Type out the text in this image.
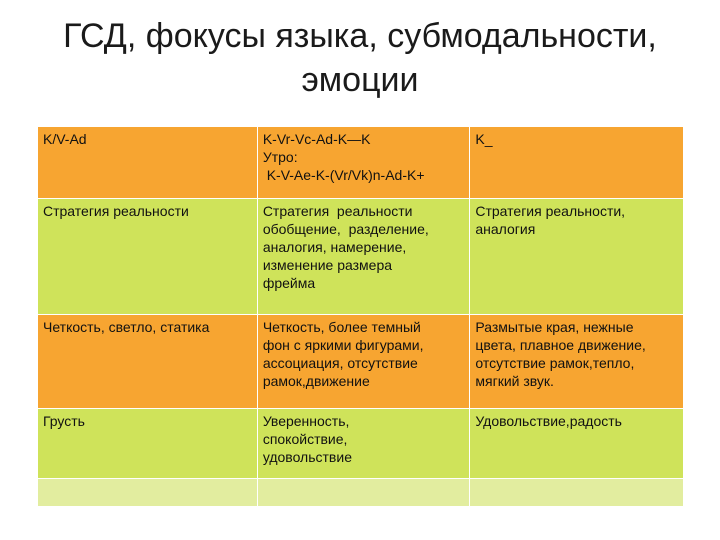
ГСД, фокусы языка, субмодальности,
эмоции
K/V-Ad	K-Vr-Vc-Ad-K—K
Утро:
K-V-Ae-K-(Vr/Vk)n-Ad-K+	K_

Стратегия реальности	Стратегия  реальности
обобщение,  разделение,
аналогия, намерение,
изменение размера
фрейма	Стратегия реальности,
аналогия

Четкость, светло, статика	Четкость, более темный
фон с яркими фигурами,
ассоциация, отсутствие
рамок,движение	Размытые края, нежные
цвета, плавное движение,
отсутствие рамок,тепло,
мягкий звук.

Грусть	Уверенность,
спокойствие,
удовольствие	Удовольствие,радость
